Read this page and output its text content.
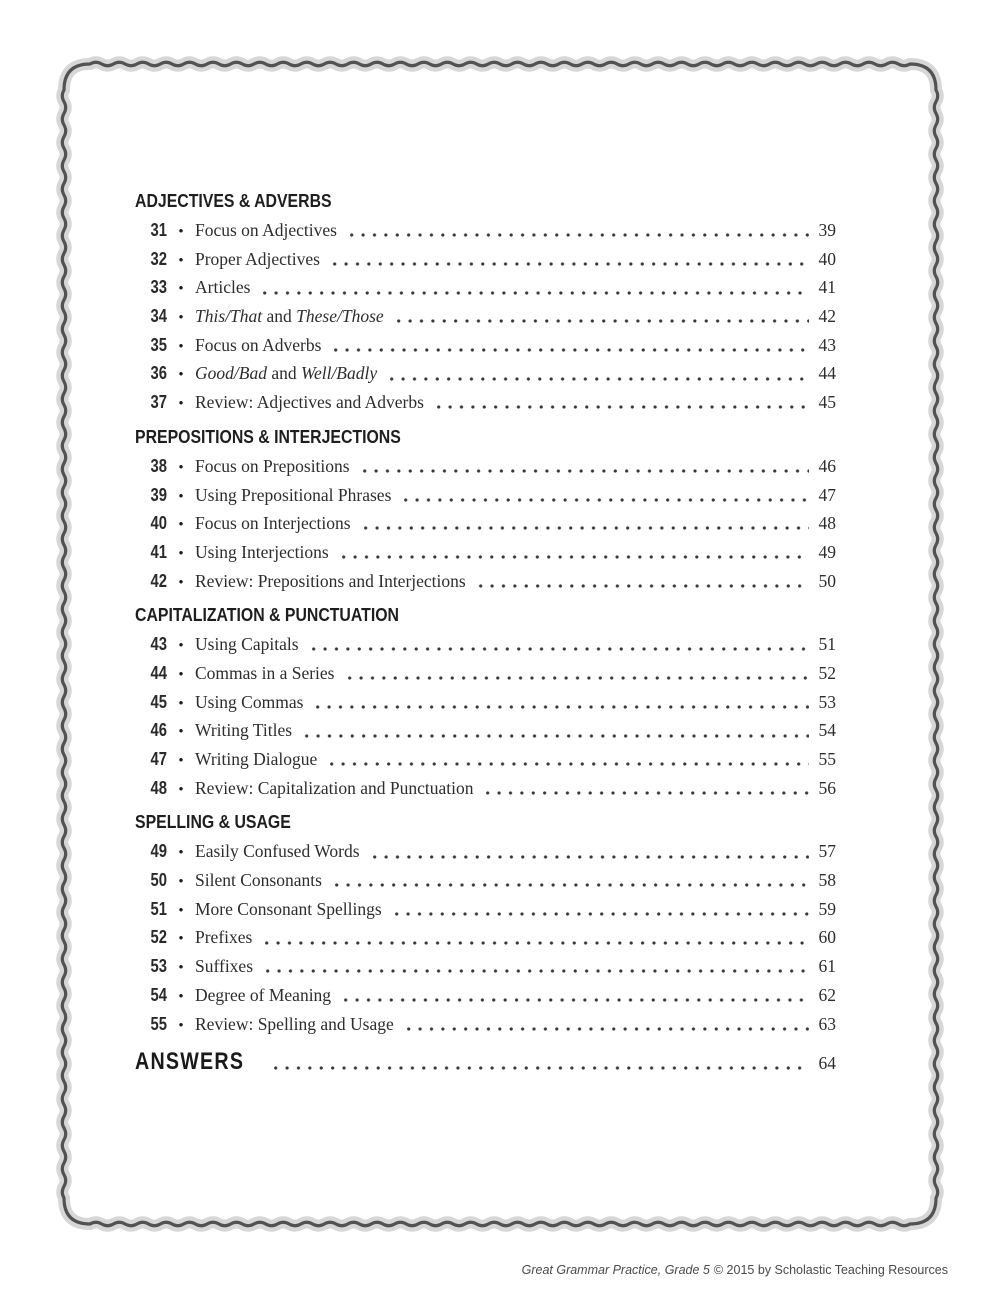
ADJECTIVES & ADVERBS
31 • Focus on Adjectives	39
32 • Proper Adjectives	40
33 • Articles	41
34 • This/That and These/Those	42
35 • Focus on Adverbs	43
36 • Good/Bad and Well/Badly	44
37 • Review: Adjectives and Adverbs	45
PREPOSITIONS & INTERJECTIONS
38 • Focus on Prepositions	46
39 • Using Prepositional Phrases	47
40 • Focus on Interjections	48
41 • Using Interjections	49
42 • Review: Prepositions and Interjections	50
CAPITALIZATION & PUNCTUATION
43 • Using Capitals	51
44 • Commas in a Series	52
45 • Using Commas	53
46 • Writing Titles	54
47 • Writing Dialogue	55
48 • Review: Capitalization and Punctuation	56
SPELLING & USAGE
49 • Easily Confused Words	57
50 • Silent Consonants	58
51 • More Consonant Spellings	59
52 • Prefixes	60
53 • Suffixes	61
54 • Degree of Meaning	62
55 • Review: Spelling and Usage	63
ANSWERS	64
Great Grammar Practice, Grade 5 © 2015 by Scholastic Teaching Resources
